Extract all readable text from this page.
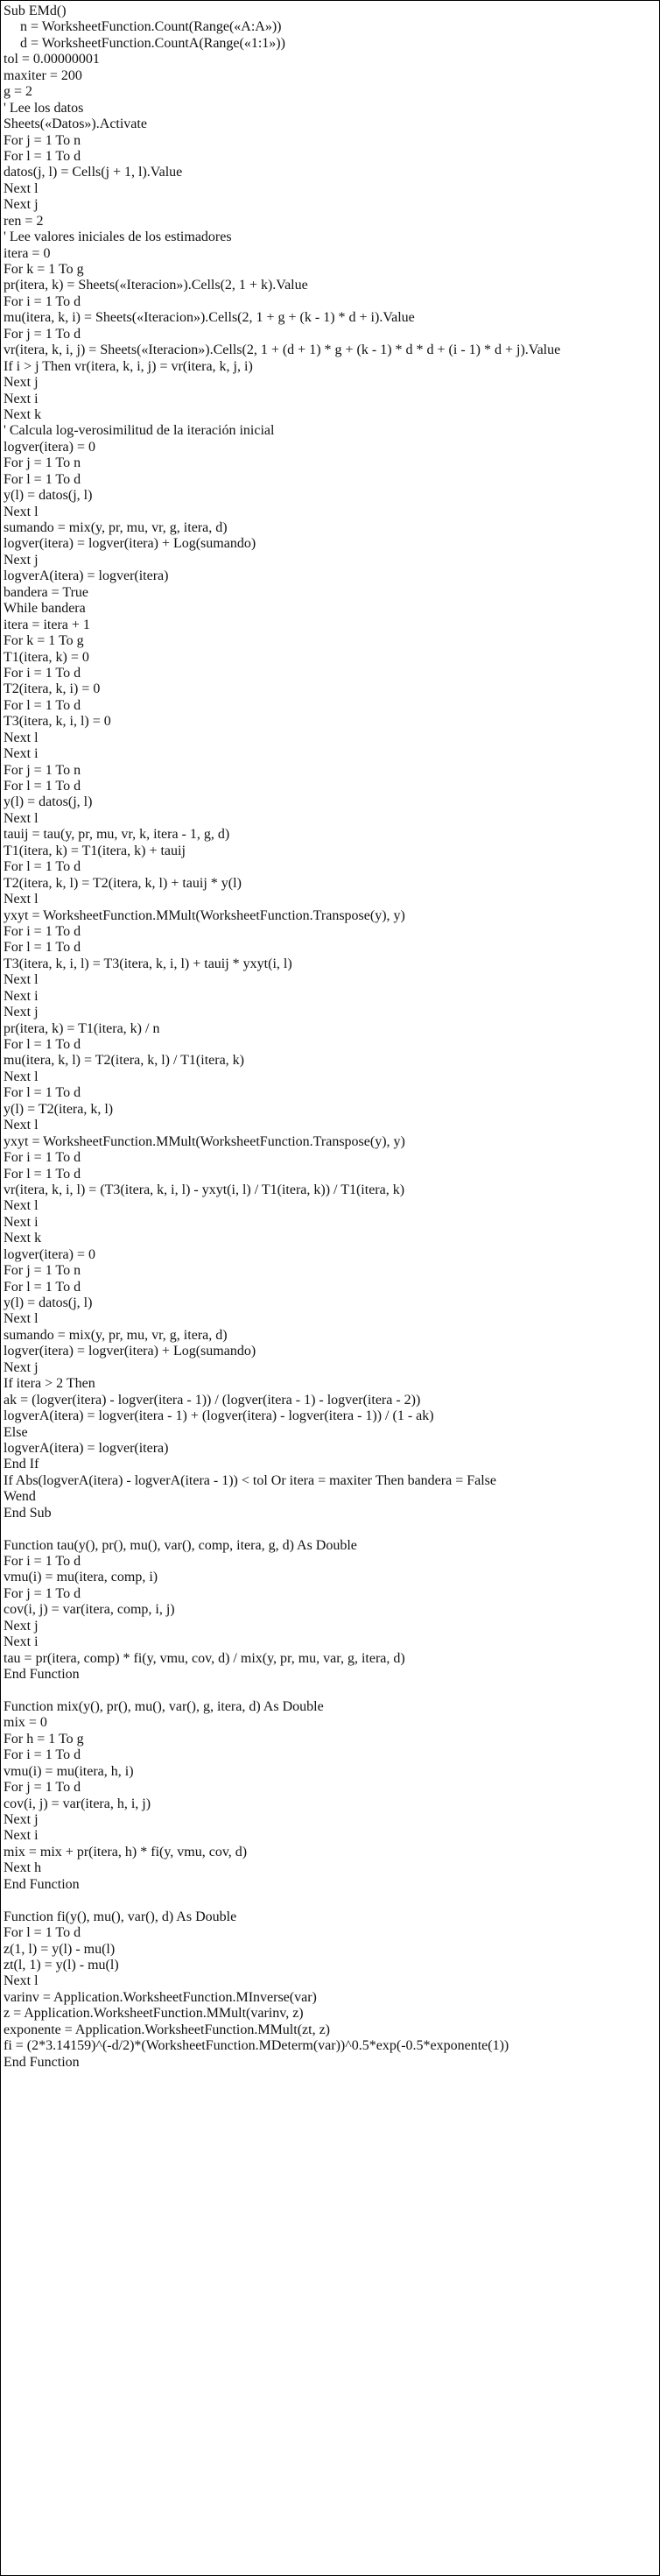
Sub EMd()
n = WorksheetFunction.Count(Range(«A:A»))
d = WorksheetFunction.CountA(Range(«1:1»))
tol = 0.00000001
maxiter = 200
g = 2
' Lee los datos
Sheets(«Datos»).Activate
For j = 1 To n
For l = 1 To d
datos(j, l) = Cells(j + 1, l).Value
Next l
Next j
ren = 2
' Lee valores iniciales de los estimadores
itera = 0
For k = 1 To g
pr(itera, k) = Sheets(«Iteracion»).Cells(2, 1 + k).Value
For i = 1 To d
mu(itera, k, i) = Sheets(«Iteracion»).Cells(2, 1 + g + (k - 1) * d + i).Value
For j = 1 To d
vr(itera, k, i, j) = Sheets(«Iteracion»).Cells(2, 1 + (d + 1) * g + (k - 1) * d * d + (i - 1) * d + j).Value
If i > j Then vr(itera, k, i, j) = vr(itera, k, j, i)
Next j
Next i
Next k
' Calcula log-verosimilitud de la iteración inicial
logver(itera) = 0
For j = 1 To n
For l = 1 To d
y(l) = datos(j, l)
Next l
sumando = mix(y, pr, mu, vr, g, itera, d)
logver(itera) = logver(itera) + Log(sumando)
Next j
logverA(itera) = logver(itera)
bandera = True
While bandera
itera = itera + 1
For k = 1 To g
T1(itera, k) = 0
For i = 1 To d
T2(itera, k, i) = 0
For l = 1 To d
T3(itera, k, i, l) = 0
Next l
Next i
For j = 1 To n
For l = 1 To d
y(l) = datos(j, l)
Next l
tauij = tau(y, pr, mu, vr, k, itera - 1, g, d)
T1(itera, k) = T1(itera, k) + tauij
For l = 1 To d
T2(itera, k, l) = T2(itera, k, l) + tauij * y(l)
Next l
yxyt = WorksheetFunction.MMult(WorksheetFunction.Transpose(y), y)
For i = 1 To d
For l = 1 To d
T3(itera, k, i, l) = T3(itera, k, i, l) + tauij * yxyt(i, l)
Next l
Next i
Next j
pr(itera, k) = T1(itera, k) / n
For l = 1 To d
mu(itera, k, l) = T2(itera, k, l) / T1(itera, k)
Next l
For l = 1 To d
y(l) = T2(itera, k, l)
Next l
yxyt = WorksheetFunction.MMult(WorksheetFunction.Transpose(y), y)
For i = 1 To d
For l = 1 To d
vr(itera, k, i, l) = (T3(itera, k, i, l) - yxyt(i, l) / T1(itera, k)) / T1(itera, k)
Next l
Next i
Next k
logver(itera) = 0
For j = 1 To n
For l = 1 To d
y(l) = datos(j, l)
Next l
sumando = mix(y, pr, mu, vr, g, itera, d)
logver(itera) = logver(itera) + Log(sumando)
Next j
If itera > 2 Then
ak = (logver(itera) - logver(itera - 1)) / (logver(itera - 1) - logver(itera - 2))
logverA(itera) = logver(itera - 1) + (logver(itera) - logver(itera - 1)) / (1 - ak)
Else
logverA(itera) = logver(itera)
End If
If Abs(logverA(itera) - logverA(itera - 1)) < tol Or itera = maxiter Then bandera = False
Wend
End Sub
Function tau(y(), pr(), mu(), var(), comp, itera, g, d) As Double
For i = 1 To d
vmu(i) = mu(itera, comp, i)
For j = 1 To d
cov(i, j) = var(itera, comp, i, j)
Next j
Next i
tau = pr(itera, comp) * fi(y, vmu, cov, d) / mix(y, pr, mu, var, g, itera, d)
End Function
Function mix(y(), pr(), mu(), var(), g, itera, d) As Double
mix = 0
For h = 1 To g
For i = 1 To d
vmu(i) = mu(itera, h, i)
For j = 1 To d
cov(i, j) = var(itera, h, i, j)
Next j
Next i
mix = mix + pr(itera, h) * fi(y, vmu, cov, d)
Next h
End Function
Function fi(y(), mu(), var(), d) As Double
For l = 1 To d
z(1, l) = y(l) - mu(l)
zt(l, 1) = y(l) - mu(l)
Next l
varinv = Application.WorksheetFunction.MInverse(var)
z = Application.WorksheetFunction.MMult(varinv, z)
exponente = Application.WorksheetFunction.MMult(zt, z)
fi = (2*3.14159)^(-d/2)*(WorksheetFunction.MDeterm(var))^0.5*exp(-0.5*exponente(1))
End Function
